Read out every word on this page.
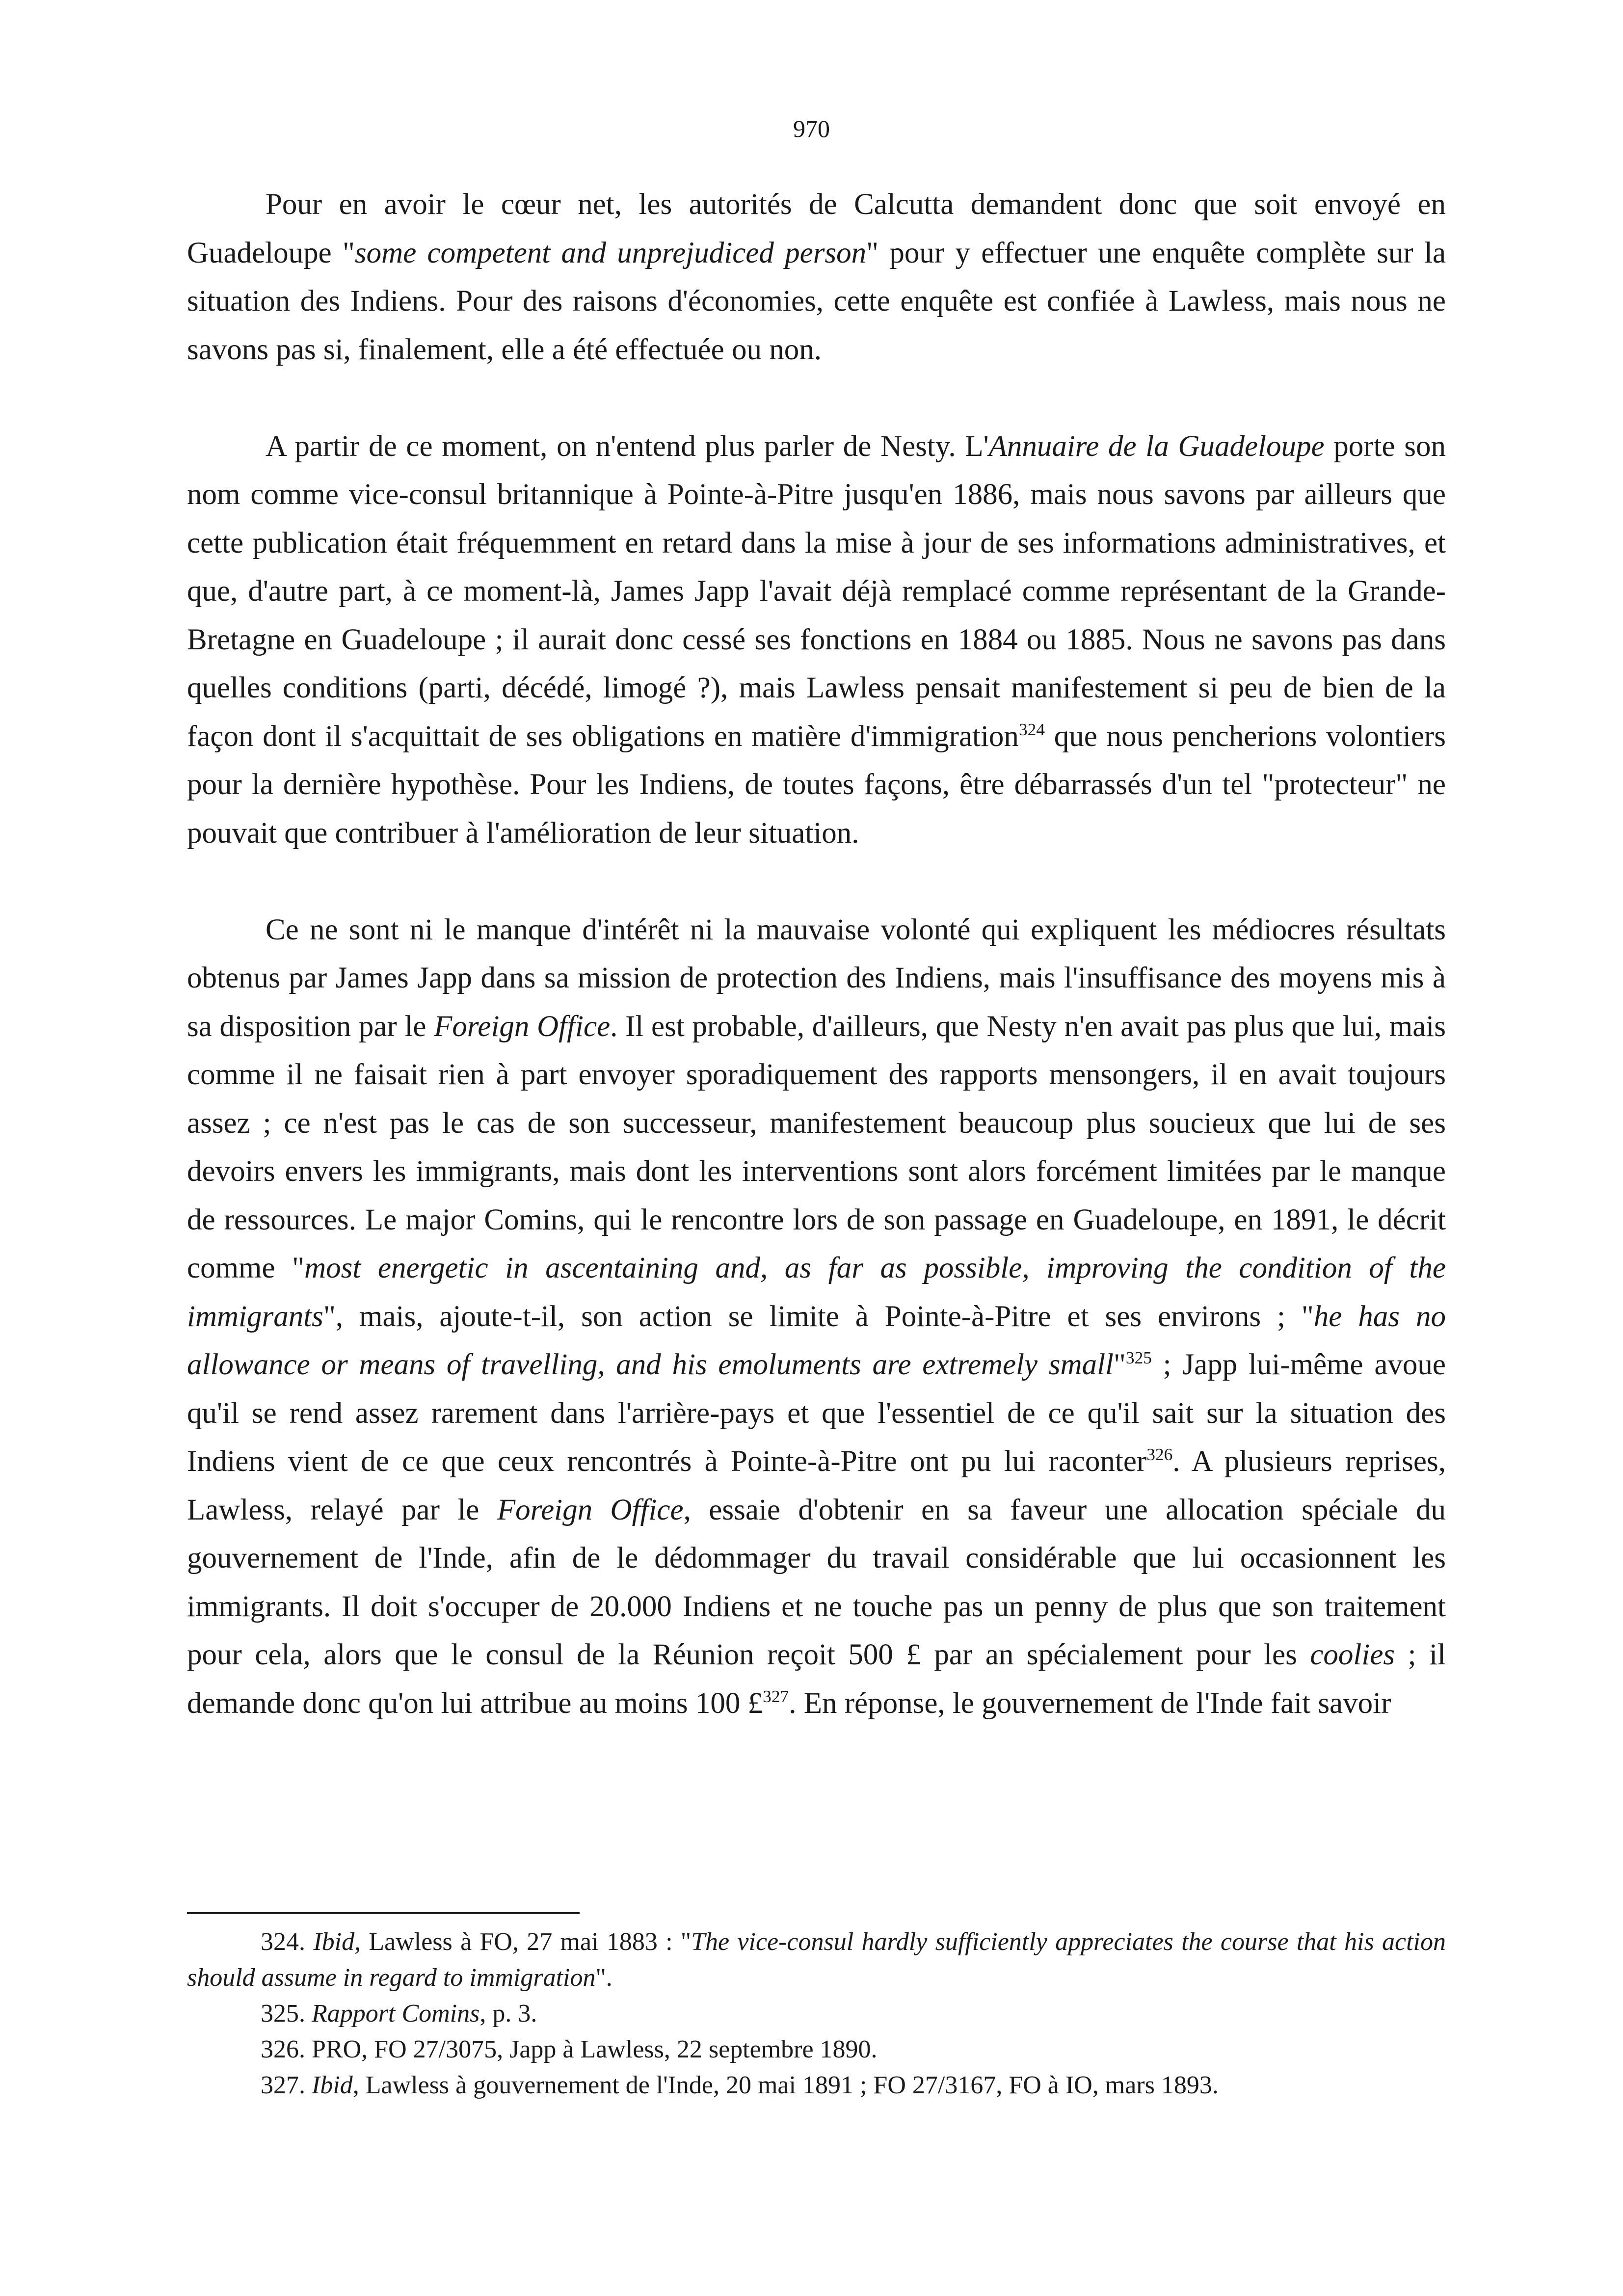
970

Pour en avoir le cœur net, les autorités de Calcutta demandent donc que soit envoyé en Guadeloupe "some competent and unprejudiced person" pour y effectuer une enquête complète sur la situation des Indiens. Pour des raisons d'économies, cette enquête est confiée à Lawless, mais nous ne savons pas si, finalement, elle a été effectuée ou non.

A partir de ce moment, on n'entend plus parler de Nesty. L'Annuaire de la Guadeloupe porte son nom comme vice-consul britannique à Pointe-à-Pitre jusqu'en 1886, mais nous savons par ailleurs que cette publication était fréquemment en retard dans la mise à jour de ses informations administratives, et que, d'autre part, à ce moment-là, James Japp l'avait déjà remplacé comme représentant de la Grande-Bretagne en Guadeloupe ; il aurait donc cessé ses fonctions en 1884 ou 1885. Nous ne savons pas dans quelles conditions (parti, décédé, limogé ?), mais Lawless pensait manifestement si peu de bien de la façon dont il s'acquittait de ses obligations en matière d'immigration$^{324}$ que nous pencherions volontiers pour la dernière hypothèse. Pour les Indiens, de toutes façons, être débarrassés d'un tel "protecteur" ne pouvait que contribuer à l'amélioration de leur situation.

Ce ne sont ni le manque d'intérêt ni la mauvaise volonté qui expliquent les médiocres résultats obtenus par James Japp dans sa mission de protection des Indiens, mais l'insuffisance des moyens mis à sa disposition par le Foreign Office. Il est probable, d'ailleurs, que Nesty n'en avait pas plus que lui, mais comme il ne faisait rien à part envoyer sporadiquement des rapports mensongers, il en avait toujours assez ; ce n'est pas le cas de son successeur, manifestement beaucoup plus soucieux que lui de ses devoirs envers les immigrants, mais dont les interventions sont alors forcément limitées par le manque de ressources. Le major Comins, qui le rencontre lors de son passage en Guadeloupe, en 1891, le décrit comme "most energetic in ascentaining and, as far as possible, improving the condition of the immigrants", mais, ajoute-t-il, son action se limite à Pointe-à-Pitre et ses environs ; "he has no allowance or means of travelling, and his emoluments are extremely small"$^{325}$ ; Japp lui-même avoue qu'il se rend assez rarement dans l'arrière-pays et que l'essentiel de ce qu'il sait sur la situation des Indiens vient de ce que ceux rencontrés à Pointe-à-Pitre ont pu lui raconter$^{326}$. A plusieurs reprises, Lawless, relayé par le Foreign Office, essaie d'obtenir en sa faveur une allocation spéciale du gouvernement de l'Inde, afin de le dédommager du travail considérable que lui occasionnent les immigrants. Il doit s'occuper de 20.000 Indiens et ne touche pas un penny de plus que son traitement pour cela, alors que le consul de la Réunion reçoit 500 £ par an spécialement pour les coolies ; il demande donc qu'on lui attribue au moins 100 £$^{327}$. En réponse, le gouvernement de l'Inde fait savoir

324. Ibid, Lawless à FO, 27 mai 1883 : "The vice-consul hardly sufficiently appreciates the course that his action should assume in regard to immigration".

325. Rapport Comins, p. 3.

326. PRO, FO 27/3075, Japp à Lawless, 22 septembre 1890.

327. Ibid, Lawless à gouvernement de l'Inde, 20 mai 1891 ; FO 27/3167, FO à IO, mars 1893.
